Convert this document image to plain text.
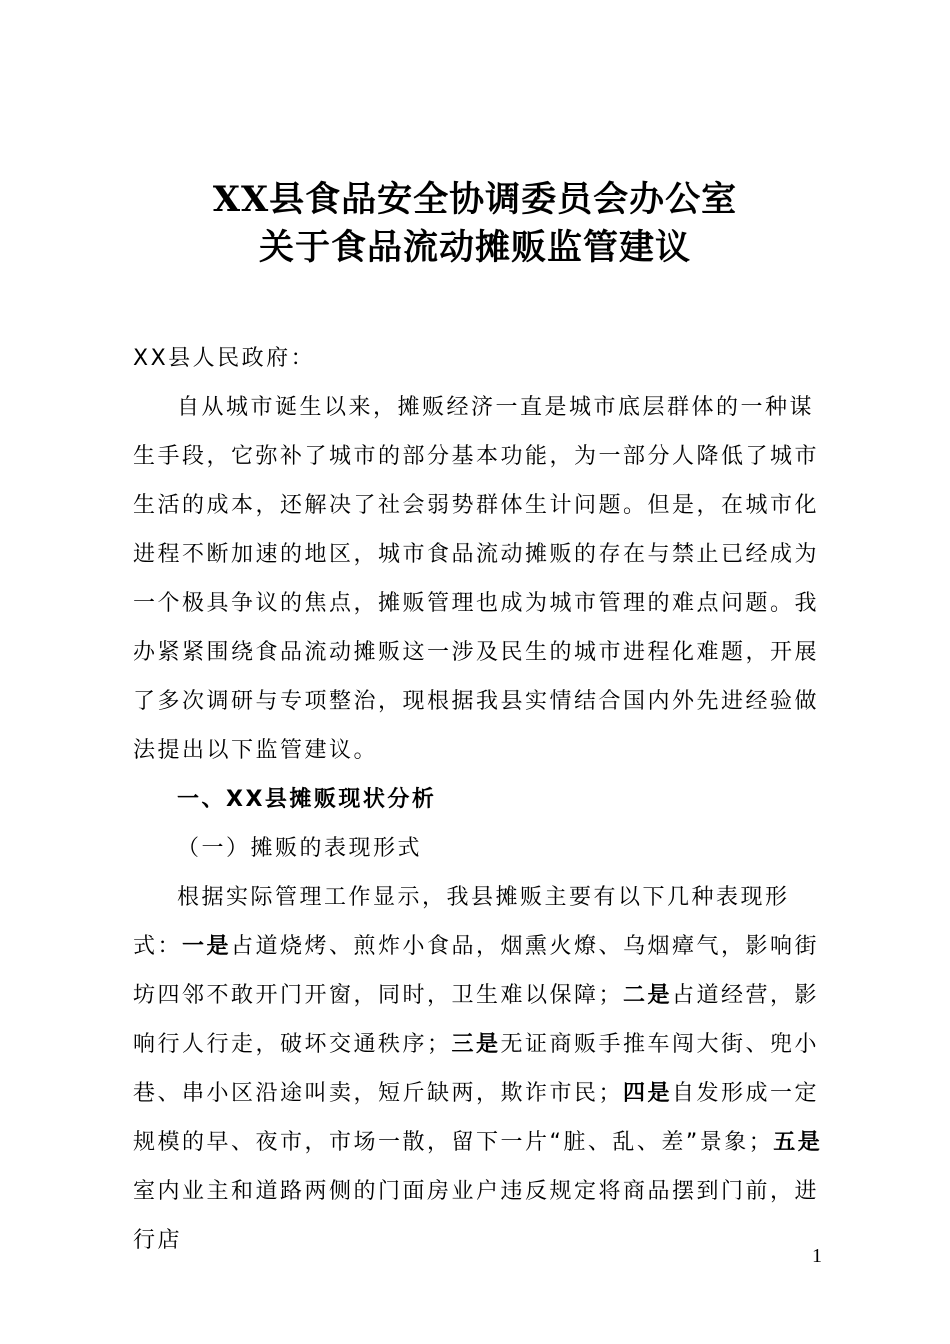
XX县食品安全协调委员会办公室
关于食品流动摊贩监管建议

XX县人民政府：

自从城市诞生以来，摊贩经济一直是城市底层群体的一种谋生手段，它弥补了城市的部分基本功能，为一部分人降低了城市生活的成本，还解决了社会弱势群体生计问题。但是，在城市化进程不断加速的地区，城市食品流动摊贩的存在与禁止已经成为一个极具争议的焦点，摊贩管理也成为城市管理的难点问题。我办紧紧围绕食品流动摊贩这一涉及民生的城市进程化难题，开展了多次调研与专项整治，现根据我县实情结合国内外先进经验做法提出以下监管建议。

一、XX县摊贩现状分析

（一）摊贩的表现形式

根据实际管理工作显示，我县摊贩主要有以下几种表现形式：一是占道烧烤、煎炸小食品，烟熏火燎、乌烟瘴气，影响街坊四邻不敢开门开窗，同时，卫生难以保障；二是占道经营，影响行人行走，破坏交通秩序；三是无证商贩手推车闯大街、兜小巷、串小区沿途叫卖，短斤缺两，欺诈市民；四是自发形成一定规模的早、夜市，市场一散，留下一片“脏、乱、差”景象；五是室内业主和道路两侧的门面房业户违反规定将商品摆到门前，进行店

1
